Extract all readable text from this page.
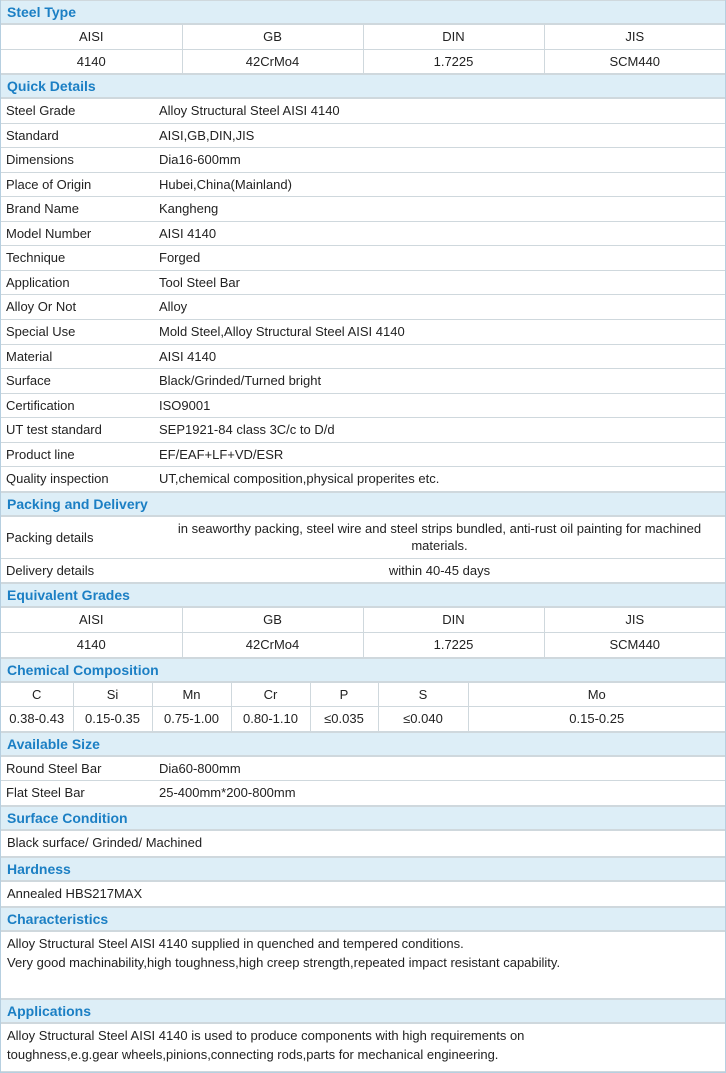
Steel Type
AISI	GB	DIN	JIS
4140	42CrMo4	1.7225	SCM440
Quick Details
Steel Grade	Alloy Structural Steel AISI 4140
Standard	AISI,GB,DIN,JIS
Dimensions	Dia16-600mm
Place of Origin	Hubei,China(Mainland)
Brand Name	Kangheng
Model Number	AISI 4140
Technique	Forged
Application	Tool Steel Bar
Alloy Or Not	Alloy
Special Use	Mold Steel,Alloy Structural Steel AISI 4140
Material	AISI 4140
Surface	Black/Grinded/Turned bright
Certification	ISO9001
UT test standard	SEP1921-84 class 3C/c to D/d
Product line	EF/EAF+LF+VD/ESR
Quality inspection	UT,chemical composition,physical properites etc.
Packing and Delivery
Packing details	in seaworthy packing, steel wire and steel strips bundled, anti-rust oil painting for machined materials.
Delivery details	within 40-45 days
Equivalent Grades
AISI	GB	DIN	JIS
4140	42CrMo4	1.7225	SCM440
Chemical Composition
C	Si	Mn	Cr	P	S	Mo
0.38-0.43	0.15-0.35	0.75-1.00	0.80-1.10	≤0.035	≤0.040	0.15-0.25
Available Size
Round Steel Bar	Dia60-800mm
Flat Steel Bar	25-400mm*200-800mm
Surface Condition
Black surface/ Grinded/ Machined
Hardness
Annealed HBS217MAX
Characteristics
Alloy Structural Steel AISI 4140 supplied in quenched and tempered conditions.
Very good machinability,high toughness,high creep strength,repeated impact resistant capability.

Applications
Alloy Structural Steel AISI 4140 is used to produce components with high requirements on
toughness,e.g.gear wheels,pinions,connecting rods,parts for mechanical engineering.
